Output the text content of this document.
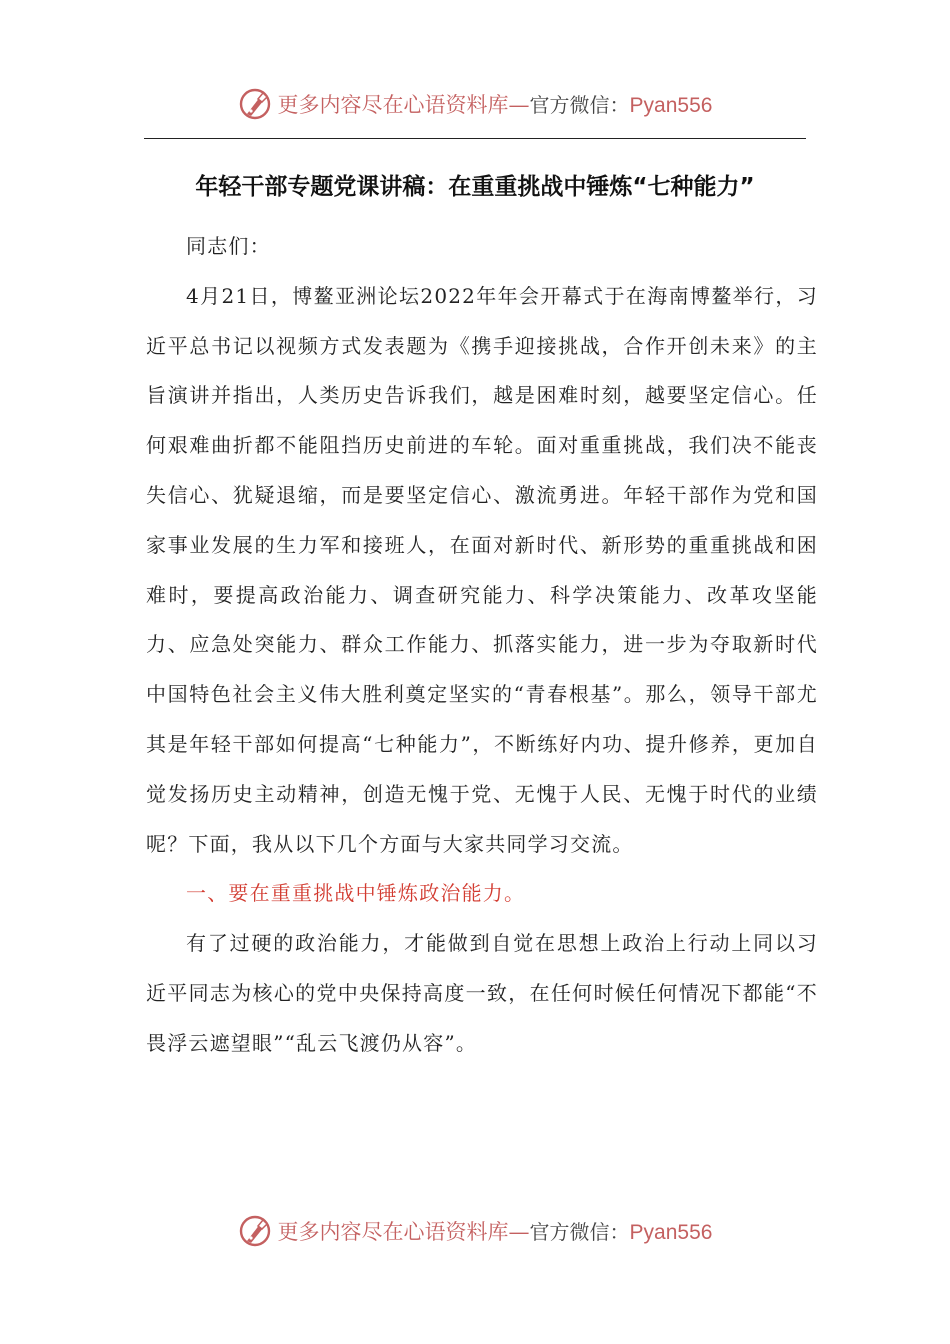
更多内容尽在心语资料库—官方微信：Pyan556
年轻干部专题党课讲稿：在重重挑战中锤炼“七种能力”

同志们：

4月21日，博鳌亚洲论坛2022年年会开幕式于在海南博鳌举行，习近平总书记以视频方式发表题为《携手迎接挑战，合作开创未来》的主旨演讲并指出，人类历史告诉我们，越是困难时刻，越要坚定信心。任何艰难曲折都不能阻挡历史前进的车轮。面对重重挑战，我们决不能丧失信心、犹疑退缩，而是要坚定信心、激流勇进。年轻干部作为党和国家事业发展的生力军和接班人，在面对新时代、新形势的重重挑战和困难时，要提高政治能力、调查研究能力、科学决策能力、改革攻坚能力、应急处突能力、群众工作能力、抓落实能力，进一步为夺取新时代中国特色社会主义伟大胜利奠定坚实的“青春根基”。那么，领导干部尤其是年轻干部如何提高“七种能力”，不断练好内功、提升修养，更加自觉发扬历史主动精神，创造无愧于党、无愧于人民、无愧于时代的业绩呢？下面，我从以下几个方面与大家共同学习交流。

一、要在重重挑战中锤炼政治能力。

有了过硬的政治能力，才能做到自觉在思想上政治上行动上同以习近平同志为核心的党中央保持高度一致，在任何时候任何情况下都能“不畏浮云遮望眼”“乱云飞渡仍从容”。

更多内容尽在心语资料库—官方微信：Pyan556
